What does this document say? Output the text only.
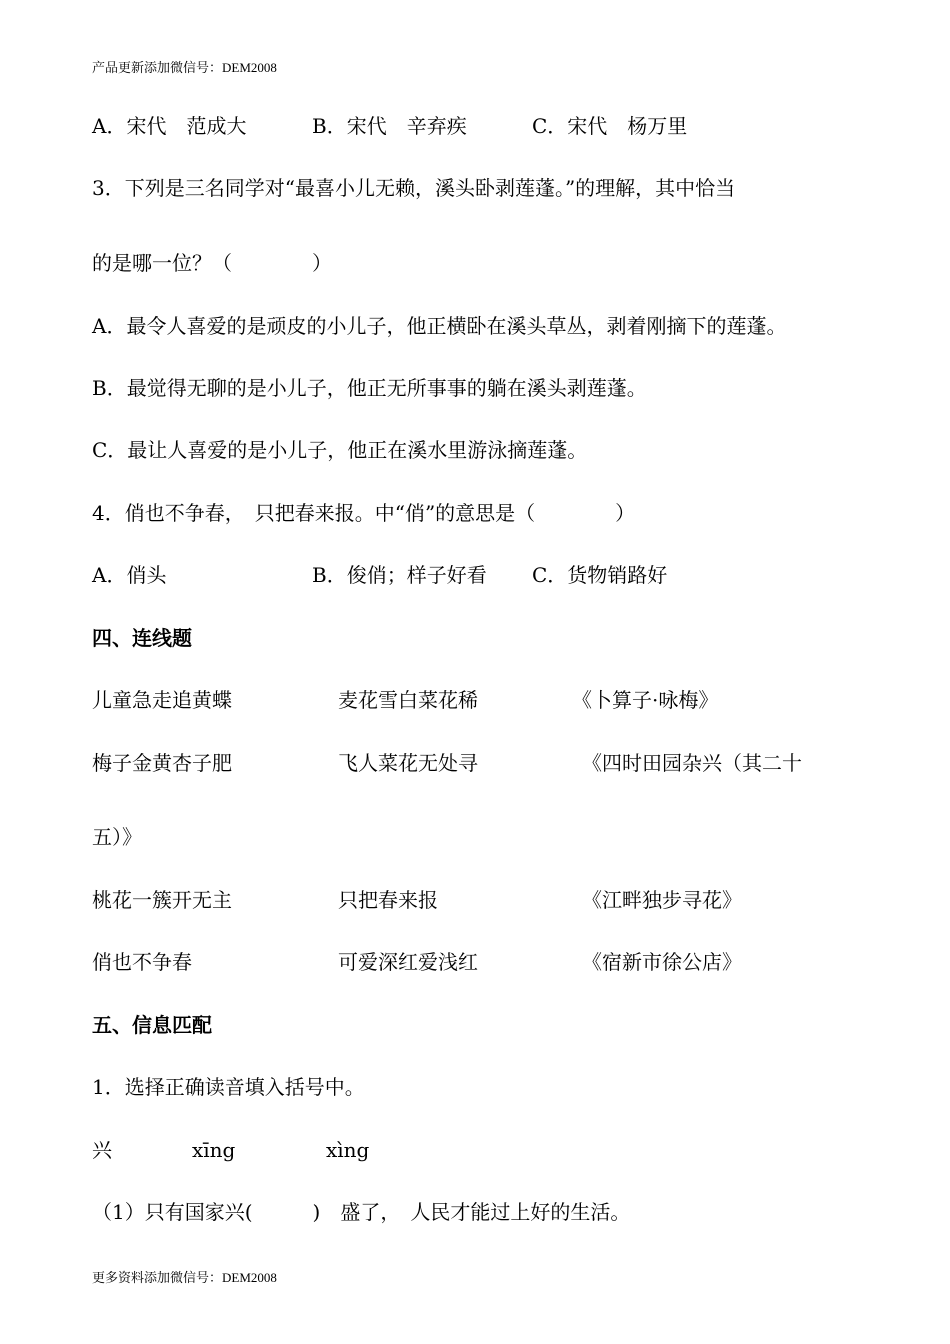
产品更新添加微信号：DEM2008
A．宋代　范成大	B．宋代　辛弃疾	C．宋代　杨万里
3．下列是三名同学对“最喜小儿无赖，溪头卧剥莲蓬。”的理解，其中恰当
的是哪一位？（　　　　）
A．最令人喜爱的是顽皮的小儿子，他正横卧在溪头草丛，剥着刚摘下的莲蓬。
B．最觉得无聊的是小儿子，他正无所事事的躺在溪头剥莲蓬。
C．最让人喜爱的是小儿子，他正在溪水里游泳摘莲蓬。
4．俏也不争春，　只把春来报。中“俏”的意思是（　　　　）
A．俏头	B．俊俏；样子好看 C．货物销路好
四、连线题
儿童急走追黄蝶	麦花雪白菜花稀	《卜算子·咏梅》
梅子金黄杏子肥	飞人菜花无处寻	《四时田园杂兴（其二十
五）》
桃花一簇开无主	只把春来报	《江畔独步寻花》
俏也不争春	可爱深红爱浅红	《宿新市徐公店》
五、信息匹配
1．选择正确读音填入括号中。
兴	xīng	xìng
（1）只有国家兴(　　　)　盛了，　人民才能过上好的生活。
更多资料添加微信号：DEM2008
